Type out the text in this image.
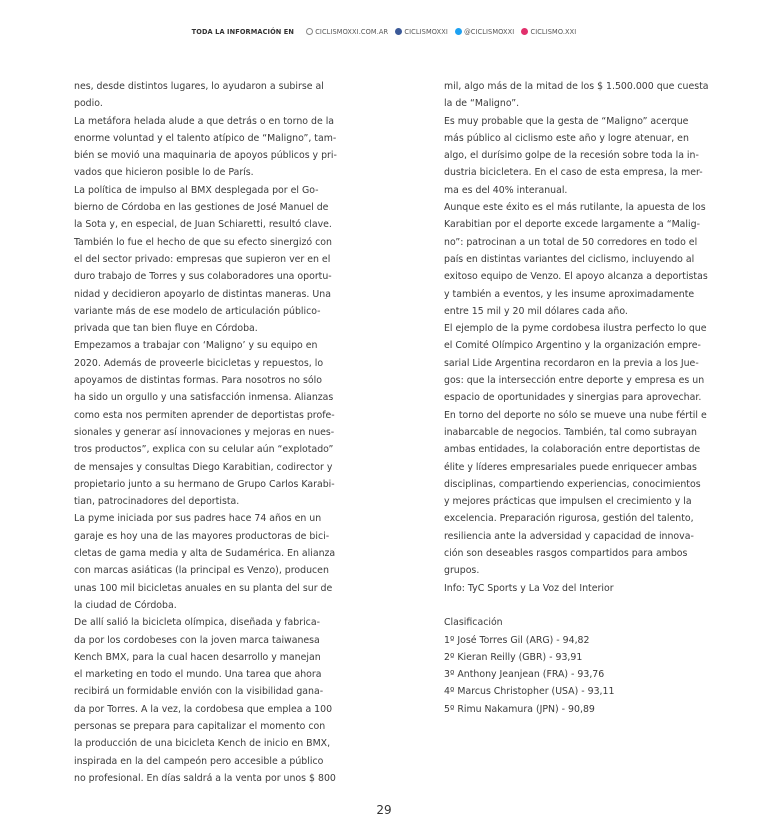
TODA LA INFORMACIÓN EN	CICLISMOXXI.COM.AR CICLISMOXXI @CICLISMOXXI CICLISMO.XXI

nes, desde distintos lugares, lo ayudaron a subirse al

podio.

La metáfora helada alude a que detrás o en torno de la

enorme voluntad y el talento atípico de “Maligno”, tam-

bién se movió una maquinaria de apoyos públicos y pri-

vados que hicieron posible lo de París.

La política de impulso al BMX desplegada por el Go-

bierno de Córdoba en las gestiones de José Manuel de

la Sota y, en especial, de Juan Schiaretti, resultó clave.

También lo fue el hecho de que su efecto sinergizó con

el del sector privado: empresas que supieron ver en el

duro trabajo de Torres y sus colaboradores una oportu-

nidad y decidieron apoyarlo de distintas maneras. Una

variante más de ese modelo de articulación público-

privada que tan bien fluye en Córdoba.

Empezamos a trabajar con ‘Maligno’ y su equipo en

2020. Además de proveerle bicicletas y repuestos, lo

apoyamos de distintas formas. Para nosotros no sólo

ha sido un orgullo y una satisfacción inmensa. Alianzas

como esta nos permiten aprender de deportistas profe-

sionales y generar así innovaciones y mejoras en nues-

tros productos”, explica con su celular aún “explotado”

de mensajes y consultas Diego Karabitian, codirector y

propietario junto a su hermano de Grupo Carlos Karabi-

tian, patrocinadores del deportista.

La pyme iniciada por sus padres hace 74 años en un

garaje es hoy una de las mayores productoras de bici-

cletas de gama media y alta de Sudamérica. En alianza

con marcas asiáticas (la principal es Venzo), producen

unas 100 mil bicicletas anuales en su planta del sur de

la ciudad de Córdoba.

De allí salió la bicicleta olímpica, diseñada y fabrica-

da por los cordobeses con la joven marca taiwanesa

Kench BMX, para la cual hacen desarrollo y manejan

el marketing en todo el mundo. Una tarea que ahora

recibirá un formidable envión con la visibilidad gana-

da por Torres. A la vez, la cordobesa que emplea a 100

personas se prepara para capitalizar el momento con

la producción de una bicicleta Kench de inicio en BMX,

inspirada en la del campeón pero accesible a público

no profesional. En días saldrá a la venta por unos $ 800

mil, algo más de la mitad de los $ 1.500.000 que cuesta

la de “Maligno”.

Es muy probable que la gesta de “Maligno” acerque

más público al ciclismo este año y logre atenuar, en

algo, el durísimo golpe de la recesión sobre toda la in-

dustria bicicletera. En el caso de esta empresa, la mer-

ma es del 40% interanual.

Aunque este éxito es el más rutilante, la apuesta de los

Karabitian por el deporte excede largamente a “Malig-

no”: patrocinan a un total de 50 corredores en todo el

país en distintas variantes del ciclismo, incluyendo al

exitoso equipo de Venzo. El apoyo alcanza a deportistas

y también a eventos, y les insume aproximadamente

entre 15 mil y 20 mil dólares cada año.

El ejemplo de la pyme cordobesa ilustra perfecto lo que

el Comité Olímpico Argentino y la organización empre-

sarial Lide Argentina recordaron en la previa a los Jue-

gos: que la intersección entre deporte y empresa es un

espacio de oportunidades y sinergias para aprovechar.

En torno del deporte no sólo se mueve una nube fértil e

inabarcable de negocios. También, tal como subrayan

ambas entidades, la colaboración entre deportistas de

élite y líderes empresariales puede enriquecer ambas

disciplinas, compartiendo experiencias, conocimientos

y mejores prácticas que impulsen el crecimiento y la

excelencia. Preparación rigurosa, gestión del talento,

resiliencia ante la adversidad y capacidad de innova-

ción son deseables rasgos compartidos para ambos

grupos.

Info: TyC Sports y La Voz del Interior

Clasificación

1º José Torres Gil (ARG) - 94,82

2º Kieran Reilly (GBR) - 93,91

3º Anthony Jeanjean (FRA) - 93,76

4º Marcus Christopher (USA) - 93,11

5º Rimu Nakamura (JPN) - 90,89

29
